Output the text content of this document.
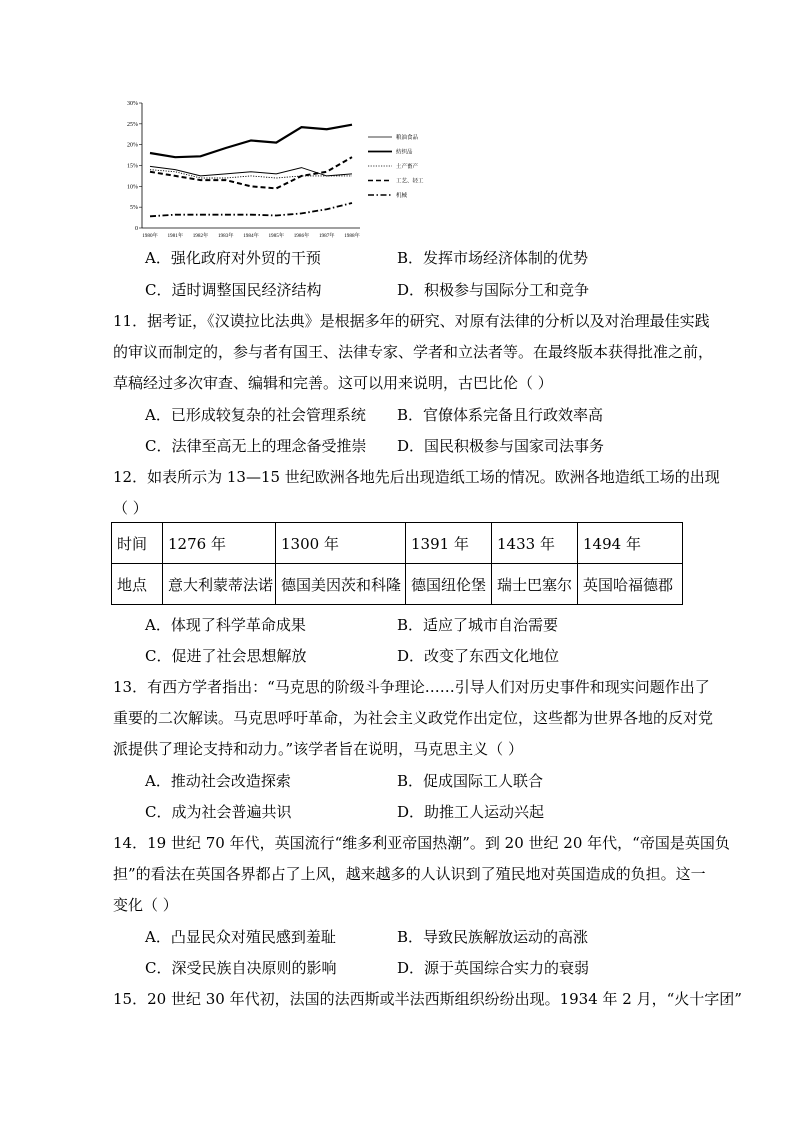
0
5%
10%
15%
20%
25%
30%
1980年 1981年 1982年 1983年 1984年 1985年 1986年 1987年 1988年
粮油食品
纺织品
土产畜产
工艺、轻工
机械
A．强化政府对外贸的干预	B．发挥市场经济体制的优势
C．适时调整国民经济结构	D．积极参与国际分工和竞争
11．据考证，《汉谟拉比法典》是根据多年的研究、对原有法律的分析以及对治理最佳实践
的审议而制定的，参与者有国王、法律专家、学者和立法者等。在最终版本获得批准之前，
草稿经过多次审查、编辑和完善。这可以用来说明，古巴比伦（ ）
A．已形成较复杂的社会管理系统 B．官僚体系完备且行政效率高
C．法律至高无上的理念备受推崇 D．国民积极参与国家司法事务
12．如表所示为 13—15 世纪欧洲各地先后出现造纸工场的情况。欧洲各地造纸工场的出现
（ ）
时间	1276 年	1300 年	1391 年	1433 年	1494 年
地点	意大利蒙蒂法诺	德国美因茨和科隆	德国纽伦堡	瑞士巴塞尔	英国哈福德郡
A．体现了科学革命成果	B．适应了城市自治需要
C．促进了社会思想解放	D．改变了东西文化地位
13．有西方学者指出：“马克思的阶级斗争理论……引导人们对历史事件和现实问题作出了
重要的二次解读。马克思呼吁革命，为社会主义政党作出定位，这些都为世界各地的反对党
派提供了理论支持和动力。”该学者旨在说明，马克思主义（ ）
A．推动社会改造探索	B．促成国际工人联合
C．成为社会普遍共识	D．助推工人运动兴起
14．19 世纪 70 年代，英国流行“维多利亚帝国热潮”。到 20 世纪 20 年代，“帝国是英国负
担”的看法在英国各界都占了上风，越来越多的人认识到了殖民地对英国造成的负担。这一
变化（ ）
A．凸显民众对殖民感到羞耻	B．导致民族解放运动的高涨
C．深受民族自决原则的影响	D．源于英国综合实力的衰弱
15．20 世纪 30 年代初，法国的法西斯或半法西斯组织纷纷出现。1934 年 2 月，“火十字团”
